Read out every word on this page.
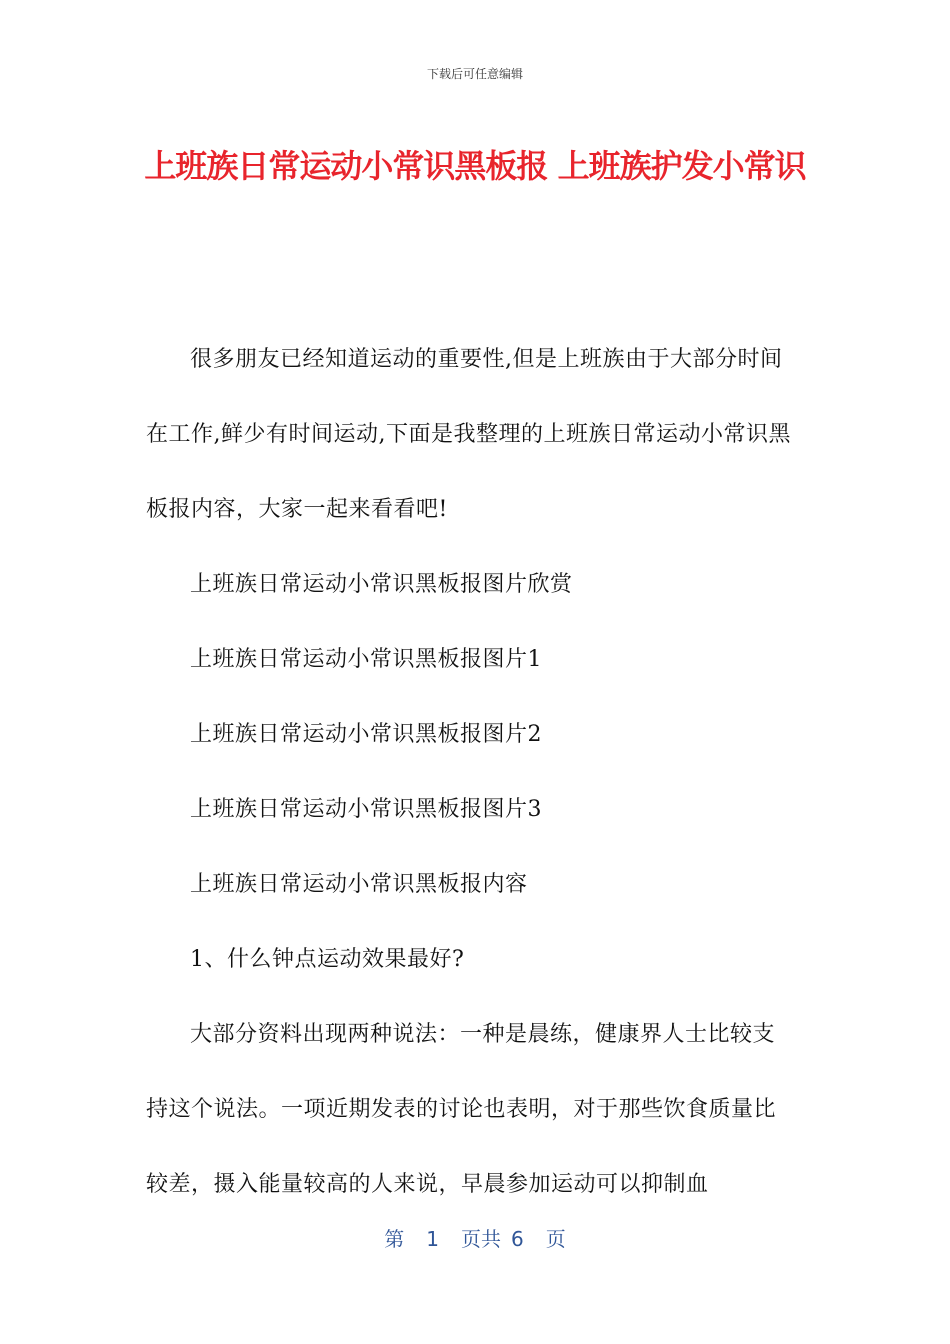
下载后可任意编辑
上班族日常运动小常识黑板报 上班族护发小常识

很多朋友已经知道运动的重要性,但是上班族由于大部分时间在工作,鲜少有时间运动,下面是我整理的上班族日常运动小常识黑板报内容，大家一起来看看吧!

上班族日常运动小常识黑板报图片欣赏

上班族日常运动小常识黑板报图片1

上班族日常运动小常识黑板报图片2

上班族日常运动小常识黑板报图片3

上班族日常运动小常识黑板报内容

1、什么钟点运动效果最好?

大部分资料出现两种说法：一种是晨练，健康界人士比较支持这个说法。一项近期发表的讨论也表明，对于那些饮食质量比较差，摄入能量较高的人来说，早晨参加运动可以抑制血

第 1 页共 6 页
